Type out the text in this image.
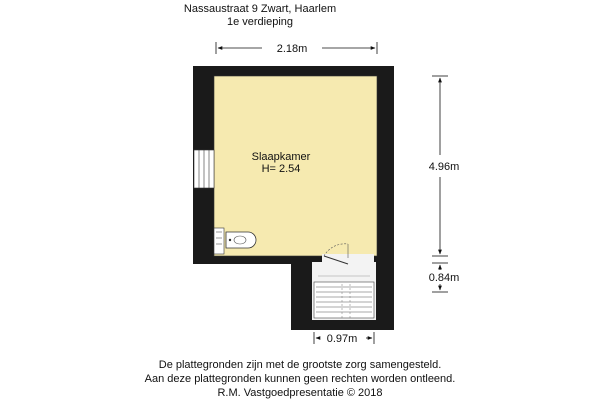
Nassaustraat 9 Zwart, Haarlem
1e verdieping
Slaapkamer
H= 2.54
2.18m
4.96m
0.84m
0.97m
De plattegronden zijn met de grootste zorg samengesteld.
Aan deze plattegronden kunnen geen rechten worden ontleend.
R.M. Vastgoedpresentatie © 2018
